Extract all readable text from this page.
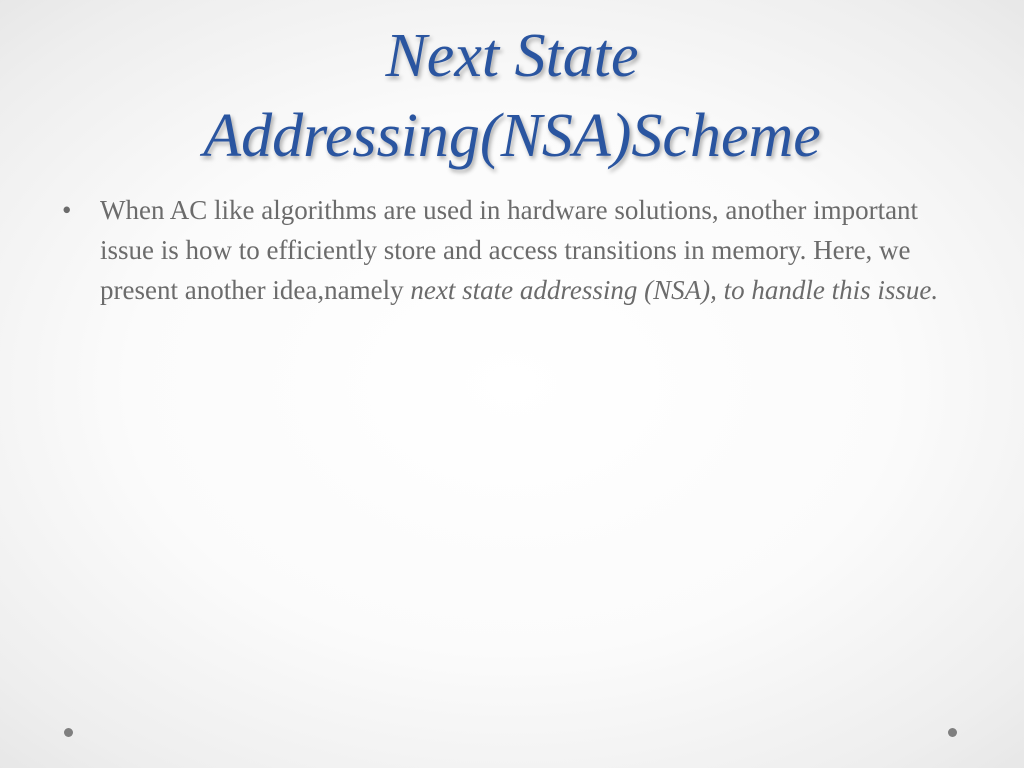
Next State
Addressing(NSA)Scheme
• When AC like algorithms are used in hardware solutions, another important issue is how to efficiently store and access transitions in memory. Here, we present another idea,namely next state addressing (NSA), to handle this issue.
